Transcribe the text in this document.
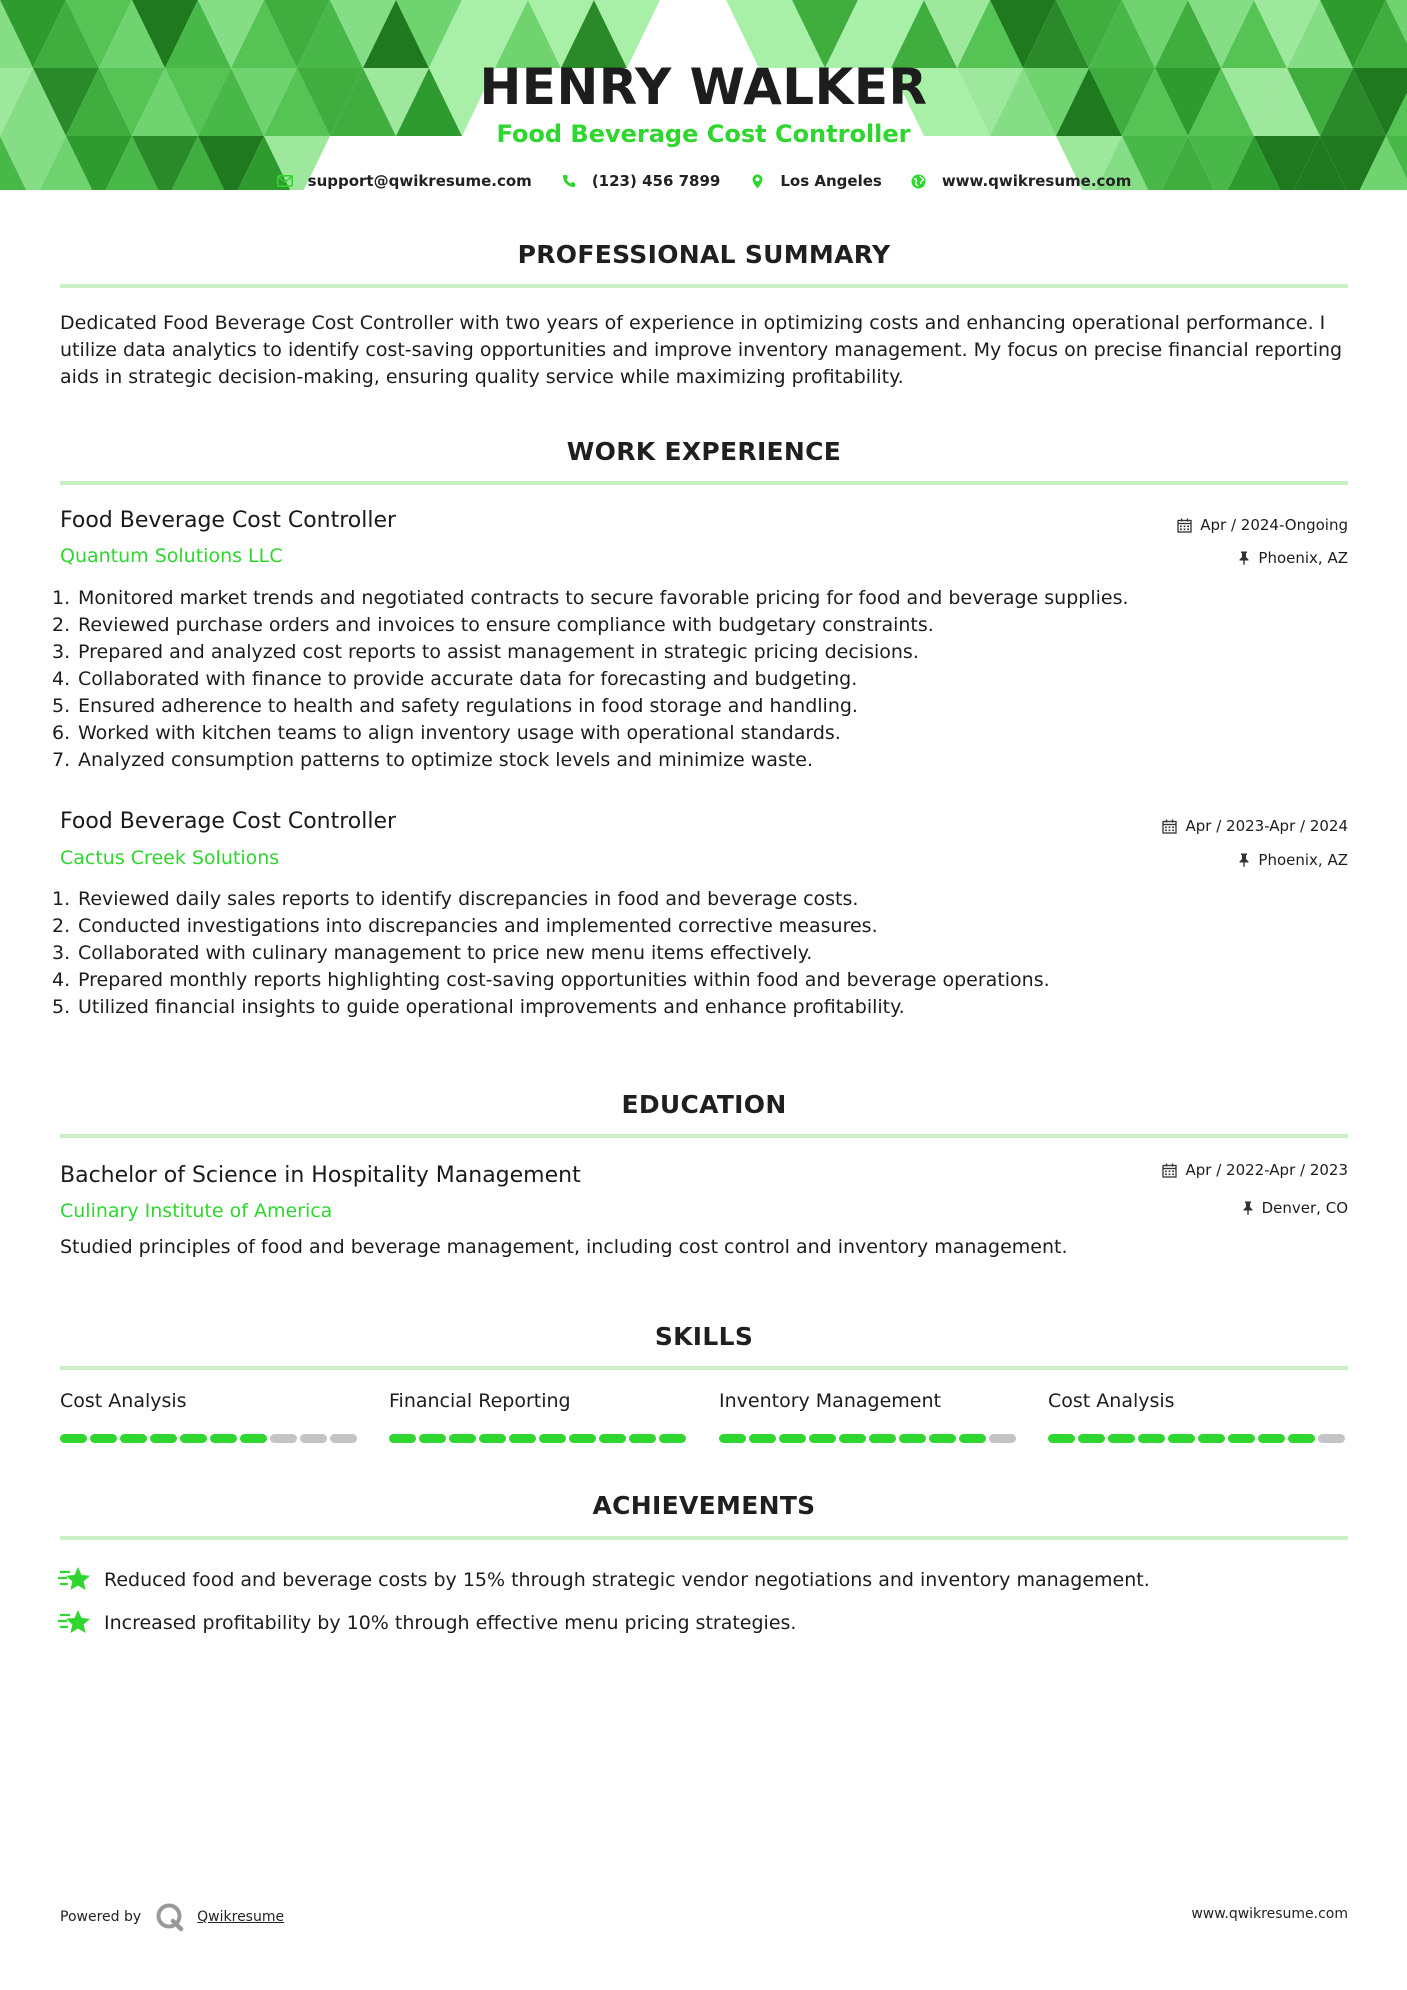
HENRY WALKER
Food Beverage Cost Controller
support@qwikresume.com	(123) 456 7899	Los Angeles	www.qwikresume.com
PROFESSIONAL SUMMARY
Dedicated Food Beverage Cost Controller with two years of experience in optimizing costs and enhancing operational performance. I utilize data analytics to identify cost-saving opportunities and improve inventory management. My focus on precise financial reporting aids in strategic decision-making, ensuring quality service while maximizing profitability.
WORK EXPERIENCE
Food Beverage Cost Controller	Apr / 2024-Ongoing
Quantum Solutions LLC	Phoenix, AZ
1. Monitored market trends and negotiated contracts to secure favorable pricing for food and beverage supplies.
2. Reviewed purchase orders and invoices to ensure compliance with budgetary constraints.
3. Prepared and analyzed cost reports to assist management in strategic pricing decisions.
4. Collaborated with finance to provide accurate data for forecasting and budgeting.
5. Ensured adherence to health and safety regulations in food storage and handling.
6. Worked with kitchen teams to align inventory usage with operational standards.
7. Analyzed consumption patterns to optimize stock levels and minimize waste.
Food Beverage Cost Controller	Apr / 2023-Apr / 2024
Cactus Creek Solutions	Phoenix, AZ
1. Reviewed daily sales reports to identify discrepancies in food and beverage costs.
2. Conducted investigations into discrepancies and implemented corrective measures.
3. Collaborated with culinary management to price new menu items effectively.
4. Prepared monthly reports highlighting cost-saving opportunities within food and beverage operations.
5. Utilized financial insights to guide operational improvements and enhance profitability.
EDUCATION
Bachelor of Science in Hospitality Management	Apr / 2022-Apr / 2023
Culinary Institute of America	Denver, CO
Studied principles of food and beverage management, including cost control and inventory management.
SKILLS
Cost Analysis	Financial Reporting	Inventory Management	Cost Analysis
ACHIEVEMENTS
Reduced food and beverage costs by 15% through strategic vendor negotiations and inventory management.
Increased profitability by 10% through effective menu pricing strategies.
Powered by	Qwikresume	www.qwikresume.com
